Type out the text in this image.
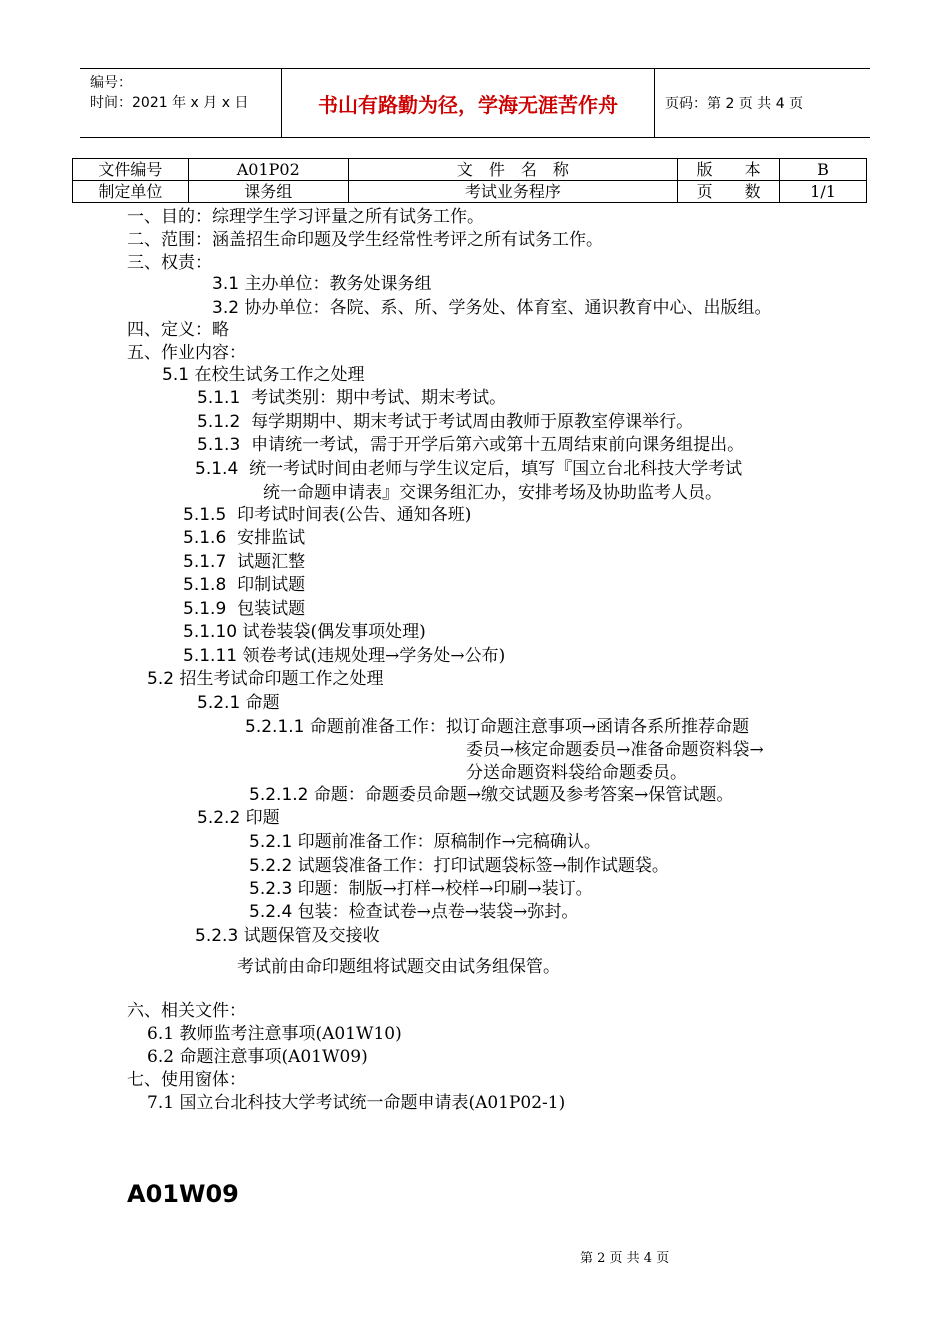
编号：
时间：2021 年 x 月 x 日	书山有路勤为径，学海无涯苦作舟	页码：第 2 页 共 4 页
文件编号	A01P02	文　件　名　称	版　　本	B
制定单位	课务组	考试业务程序	页　　数	1/1
一、目的：综理学生学习评量之所有试务工作。
二、范围：涵盖招生命印题及学生经常性考评之所有试务工作。
三、权责：
3.1 主办单位：教务处课务组
3.2 协办单位：各院、系、所、学务处、体育室、通识教育中心、出版组。
四、定义：略
五、作业内容：
5.1 在校生试务工作之处理
5.1.1 考试类别：期中考试、期末考试。
5.1.2 每学期期中、期末考试于考试周由教师于原教室停课举行。
5.1.3 申请统一考试，需于开学后第六或第十五周结束前向课务组提出。
5.1.4 统一考试时间由老师与学生议定后，填写『国立台北科技大学考试
统一命题申请表』交课务组汇办，安排考场及协助监考人员。
5.1.5 印考试时间表(公告、通知各班)
5.1.6 安排监试
5.1.7 试题汇整
5.1.8 印制试题
5.1.9 包装试题
5.1.10 试卷装袋(偶发事项处理)
5.1.11 领卷考试(违规处理→学务处→公布)
5.2 招生考试命印题工作之处理
5.2.1 命题
5.2.1.1 命题前准备工作：拟订命题注意事项→函请各系所推荐命题
委员→核定命题委员→准备命题资料袋→
分送命题资料袋给命题委员。
5.2.1.2 命题：命题委员命题→缴交试题及参考答案→保管试题。
5.2.2 印题
5.2.1 印题前准备工作：原稿制作→完稿确认。
5.2.2 试题袋准备工作：打印试题袋标签→制作试题袋。
5.2.3 印题：制版→打样→校样→印刷→装订。
5.2.4 包装：检查试卷→点卷→装袋→弥封。
5.2.3 试题保管及交接收
考试前由命印题组将试题交由试务组保管。
六、相关文件：
6.1 教师监考注意事项(A01W10)
6.2 命题注意事项(A01W09)
七、使用窗体：
7.1 国立台北科技大学考试统一命题申请表(A01P02-1)
A01W09
第 2 页 共 4 页
